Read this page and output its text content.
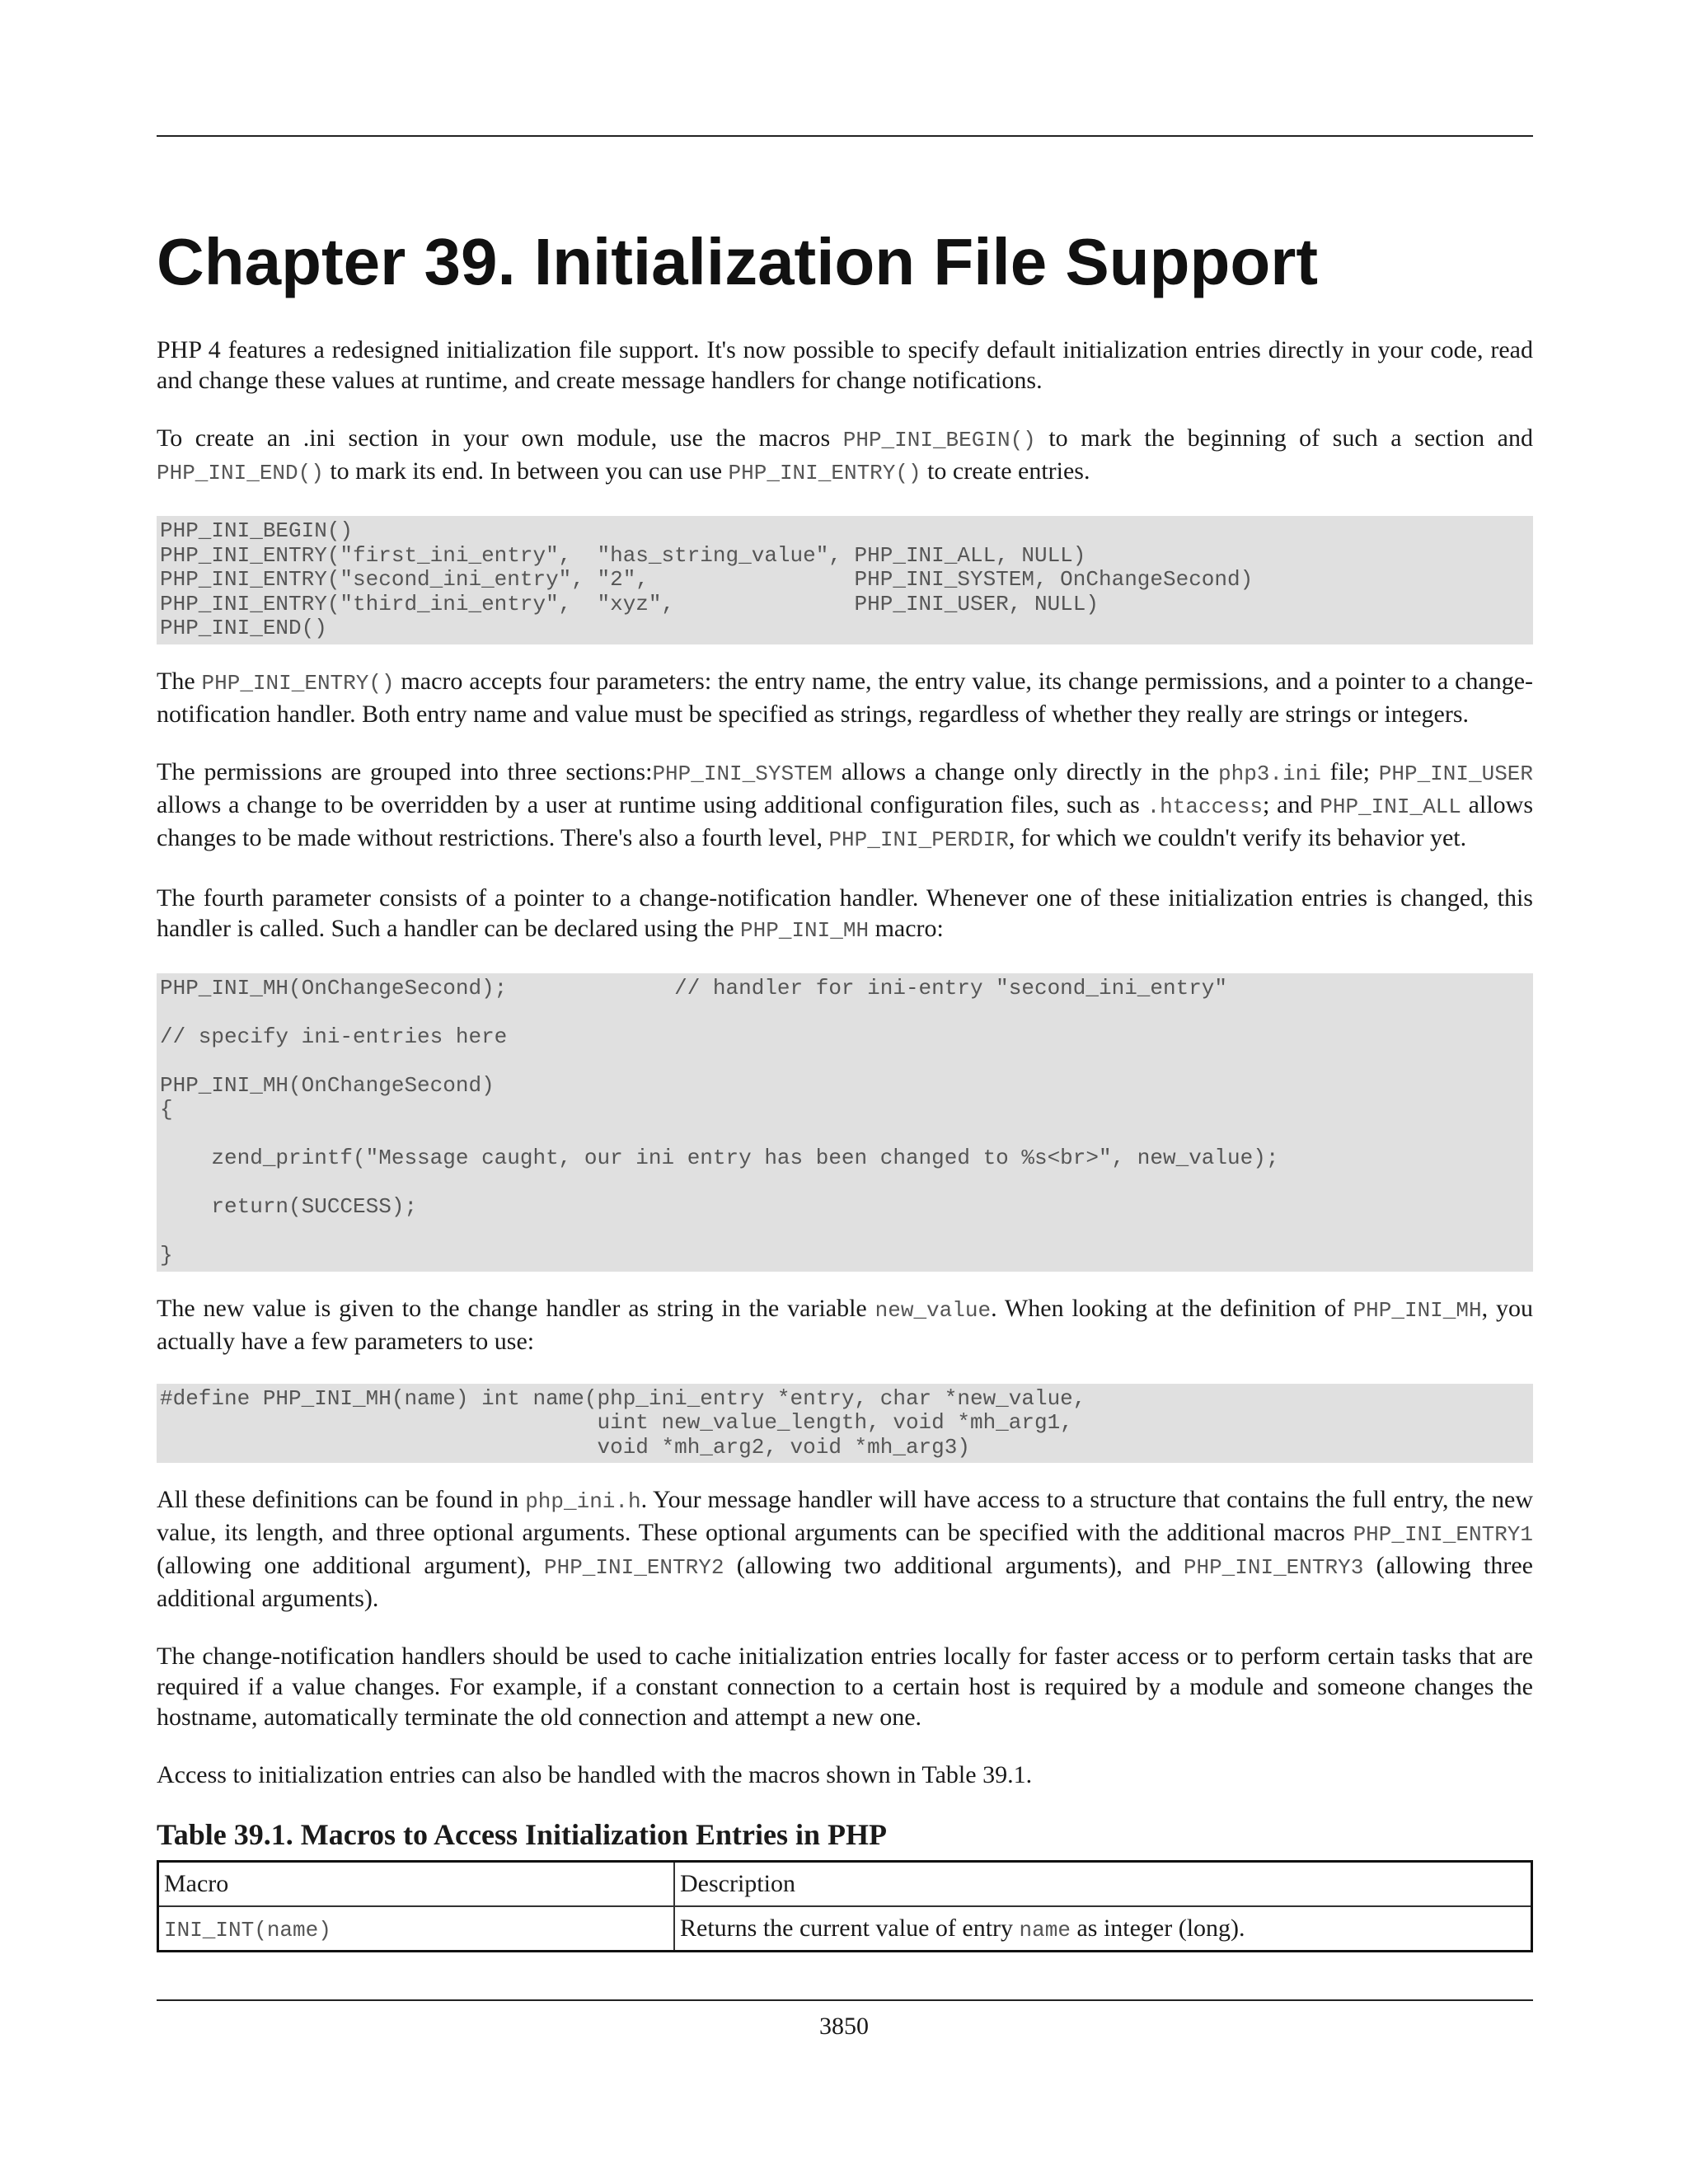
Chapter 39. Initialization File Support

PHP 4 features a redesigned initialization file support. It's now possible to specify default initialization entries directly in your code, read and change these values at runtime, and create message handlers for change notifications.

To create an .ini section in your own module, use the macros PHP_INI_BEGIN() to mark the beginning of such a section and PHP_INI_END() to mark its end. In between you can use PHP_INI_ENTRY() to create entries.

PHP_INI_BEGIN()
PHP_INI_ENTRY("first_ini_entry",  "has_string_value", PHP_INI_ALL, NULL)
PHP_INI_ENTRY("second_ini_entry", "2",                PHP_INI_SYSTEM, OnChangeSecond)
PHP_INI_ENTRY("third_ini_entry",  "xyz",              PHP_INI_USER, NULL)
PHP_INI_END()

The PHP_INI_ENTRY() macro accepts four parameters: the entry name, the entry value, its change permissions, and a pointer to a change-notification handler. Both entry name and value must be specified as strings, regardless of whether they really are strings or integers.

The permissions are grouped into three sections:PHP_INI_SYSTEM allows a change only directly in the php3.ini file; PHP_INI_USER allows a change to be overridden by a user at runtime using additional configuration files, such as .htaccess; and PHP_INI_ALL allows changes to be made without restrictions. There's also a fourth level, PHP_INI_PERDIR, for which we couldn't verify its behavior yet.

The fourth parameter consists of a pointer to a change-notification handler. Whenever one of these initialization entries is changed, this handler is called. Such a handler can be declared using the PHP_INI_MH macro:

PHP_INI_MH(OnChangeSecond);             // handler for ini-entry "second_ini_entry"

// specify ini-entries here

PHP_INI_MH(OnChangeSecond)
{

zend_printf("Message caught, our ini entry has been changed to %s<br>", new_value);

return(SUCCESS);

}

The new value is given to the change handler as string in the variable new_value. When looking at the definition of PHP_INI_MH, you actually have a few parameters to use:

#define PHP_INI_MH(name) int name(php_ini_entry *entry, char *new_value,
uint new_value_length, void *mh_arg1,
void *mh_arg2, void *mh_arg3)

All these definitions can be found in php_ini.h. Your message handler will have access to a structure that contains the full entry, the new value, its length, and three optional arguments. These optional arguments can be specified with the additional macros PHP_INI_ENTRY1 (allowing one additional argument), PHP_INI_ENTRY2 (allowing two additional arguments), and PHP_INI_ENTRY3 (allowing three additional arguments).

The change-notification handlers should be used to cache initialization entries locally for faster access or to perform certain tasks that are required if a value changes. For example, if a constant connection to a certain host is required by a module and someone changes the hostname, automatically terminate the old connection and attempt a new one.

Access to initialization entries can also be handled with the macros shown in Table 39.1.

Table 39.1. Macros to Access Initialization Entries in PHP
Macro	Description
INI_INT(name)	Returns the current value of entry name as integer (long).
3850
